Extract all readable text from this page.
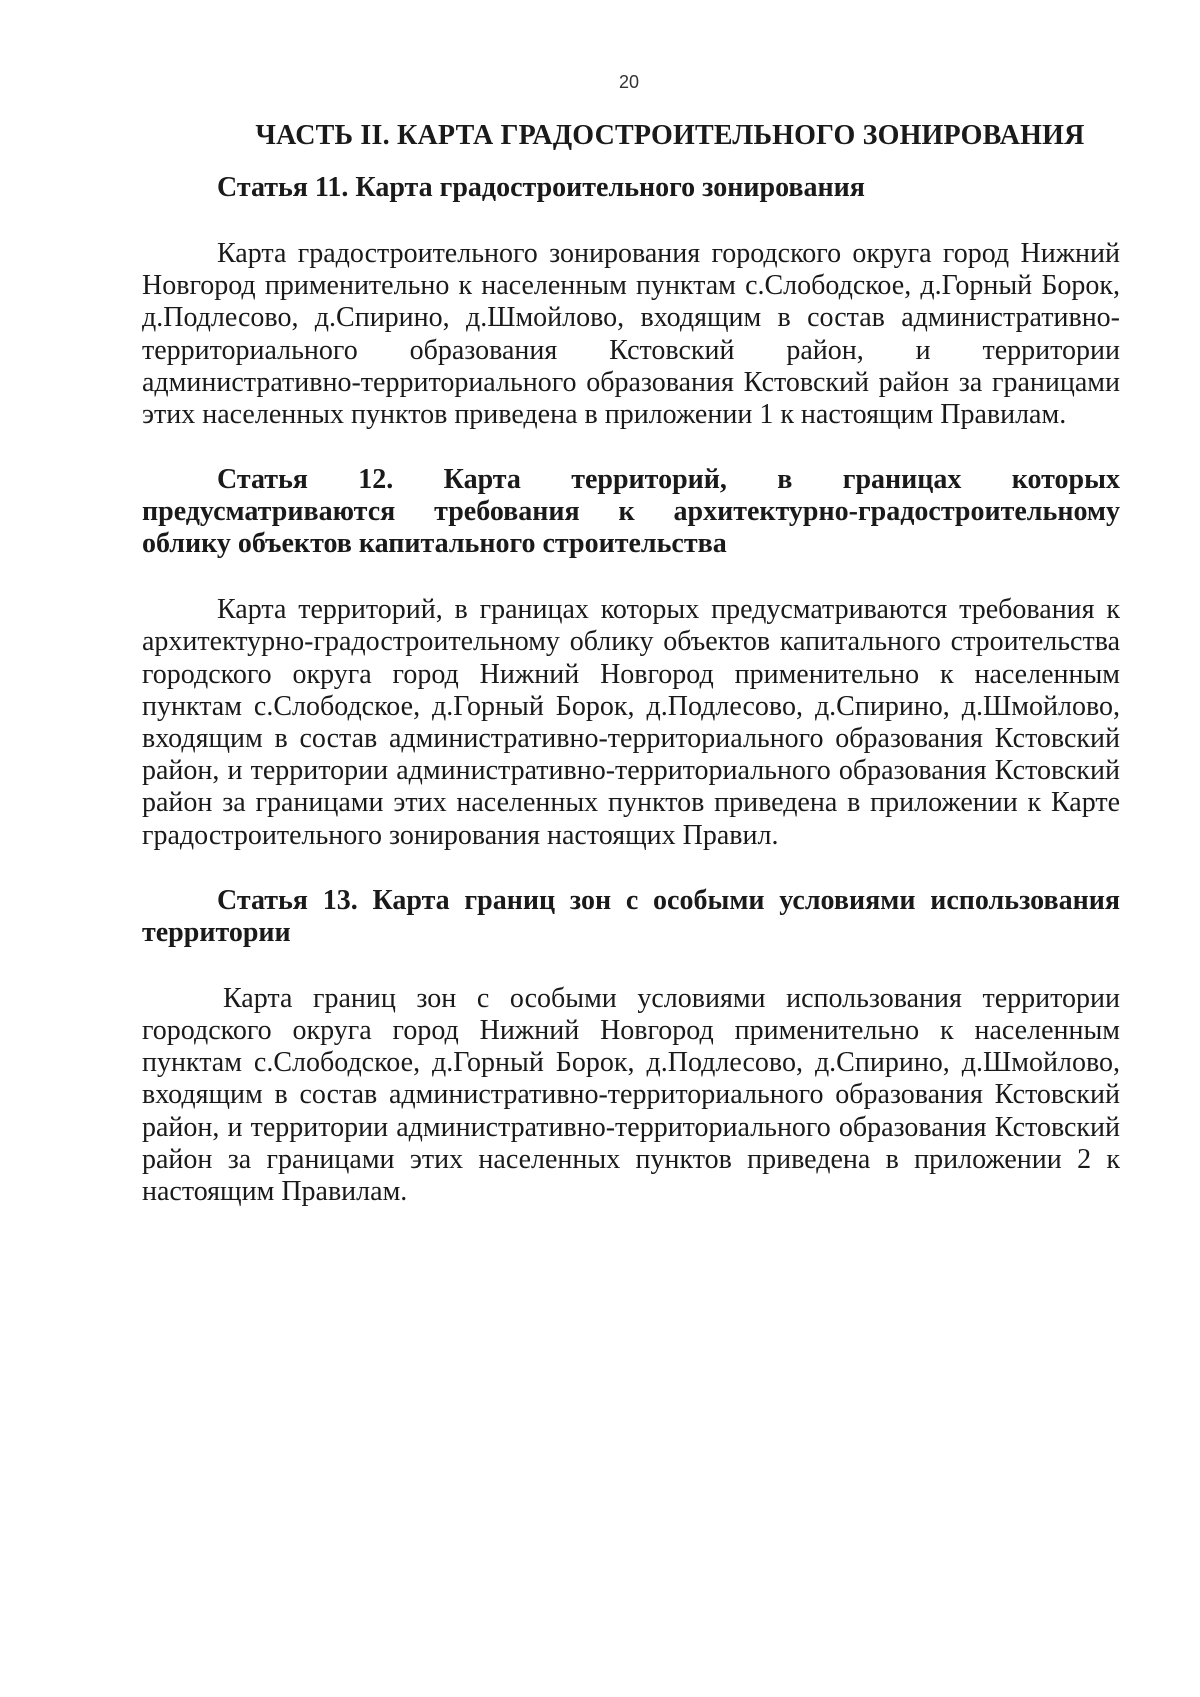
20
ЧАСТЬ II. КАРТА ГРАДОСТРОИТЕЛЬНОГО ЗОНИРОВАНИЯ

Статья 11. Карта градостроительного зонирования

Карта градостроительного зонирования городского округа город Нижний Новгород применительно к населенным пунктам с.Слободское, д.Горный Борок, д.Подлесово, д.Спирино, д.Шмойлово, входящим в состав административно-территориального образования Кстовский район, и территории административно-территориального образования Кстовский район за границами этих населенных пунктов приведена в приложении 1 к настоящим Правилам.

Статья 12. Карта территорий, в границах которых предусматриваются требования к архитектурно-градостроительному облику объектов капитального строительства

Карта территорий, в границах которых предусматриваются требования к архитектурно-градостроительному облику объектов капитального строительства городского округа город Нижний Новгород применительно к населенным пунктам с.Слободское, д.Горный Борок, д.Подлесово, д.Спирино, д.Шмойлово, входящим в состав административно-территориального образования Кстовский район, и территории административно-территориального образования Кстовский район за границами этих населенных пунктов приведена в приложении к Карте градостроительного зонирования настоящих Правил.

Статья 13. Карта границ зон с особыми условиями использования территории

Карта границ зон с особыми условиями использования территории городского округа город Нижний Новгород применительно к населенным пунктам с.Слободское, д.Горный Борок, д.Подлесово, д.Спирино, д.Шмойлово, входящим в состав административно-территориального образования Кстовский район, и территории административно-территориального образования Кстовский район за границами этих населенных пунктов приведена в приложении 2 к настоящим Правилам.
